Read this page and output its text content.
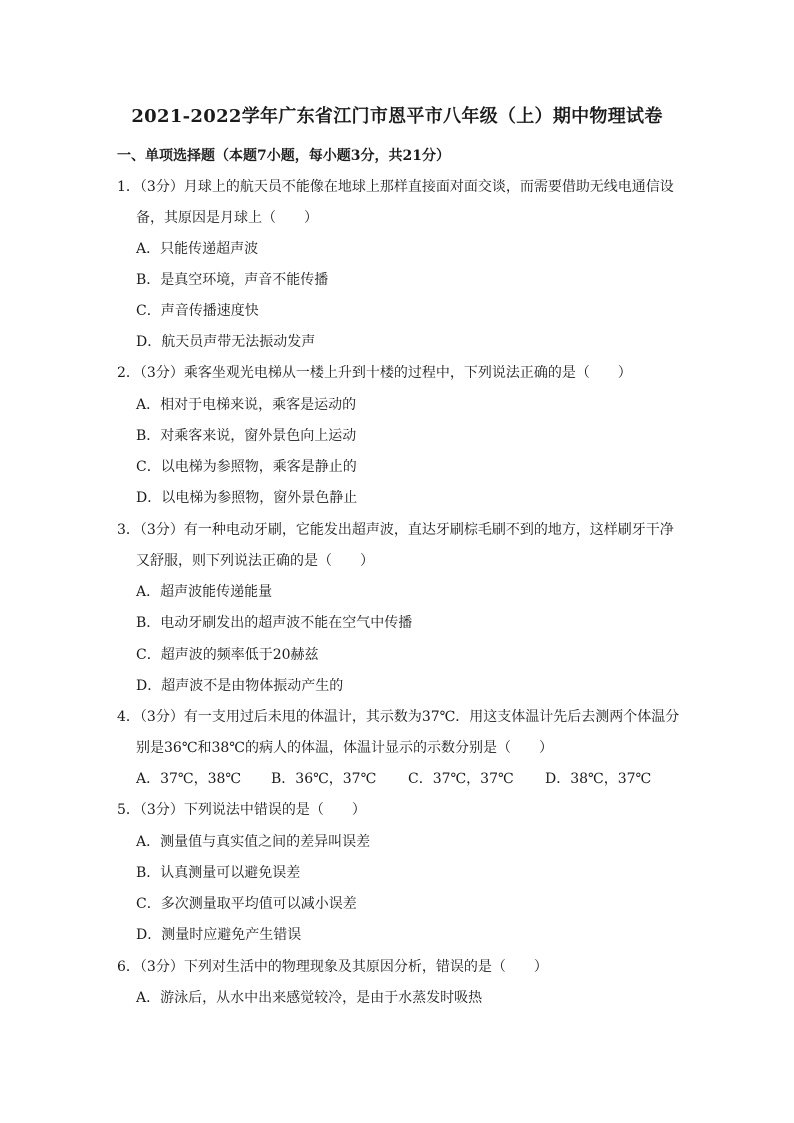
2021-2022学年广东省江门市恩平市八年级（上）期中物理试卷
一、单项选择题（本题7小题，每小题3分，共21分）
1．（3分）月球上的航天员不能像在地球上那样直接面对面交谈，而需要借助无线电通信设
备，其原因是月球上（　　）
A．只能传递超声波
B．是真空环境，声音不能传播
C．声音传播速度快
D．航天员声带无法振动发声
2．（3分）乘客坐观光电梯从一楼上升到十楼的过程中，下列说法正确的是（　　）
A．相对于电梯来说，乘客是运动的
B．对乘客来说，窗外景色向上运动
C．以电梯为参照物，乘客是静止的
D．以电梯为参照物，窗外景色静止
3．（3分）有一种电动牙刷，它能发出超声波，直达牙刷棕毛刷不到的地方，这样刷牙干净
又舒服，则下列说法正确的是（　　）
A．超声波能传递能量
B．电动牙刷发出的超声波不能在空气中传播
C．超声波的频率低于20赫兹
D．超声波不是由物体振动产生的
4．（3分）有一支用过后未甩的体温计，其示数为37℃．用这支体温计先后去测两个体温分
别是36℃和38℃的病人的体温，体温计显示的示数分别是（　　）
A．37℃，38℃ B．36℃，37℃ C．37℃，37℃ D．38℃，37℃
5．（3分）下列说法中错误的是（　　）
A．测量值与真实值之间的差异叫误差
B．认真测量可以避免误差
C．多次测量取平均值可以减小误差
D．测量时应避免产生错误
6．（3分）下列对生活中的物理现象及其原因分析，错误的是（　　）
A．游泳后，从水中出来感觉较冷，是由于水蒸发时吸热
